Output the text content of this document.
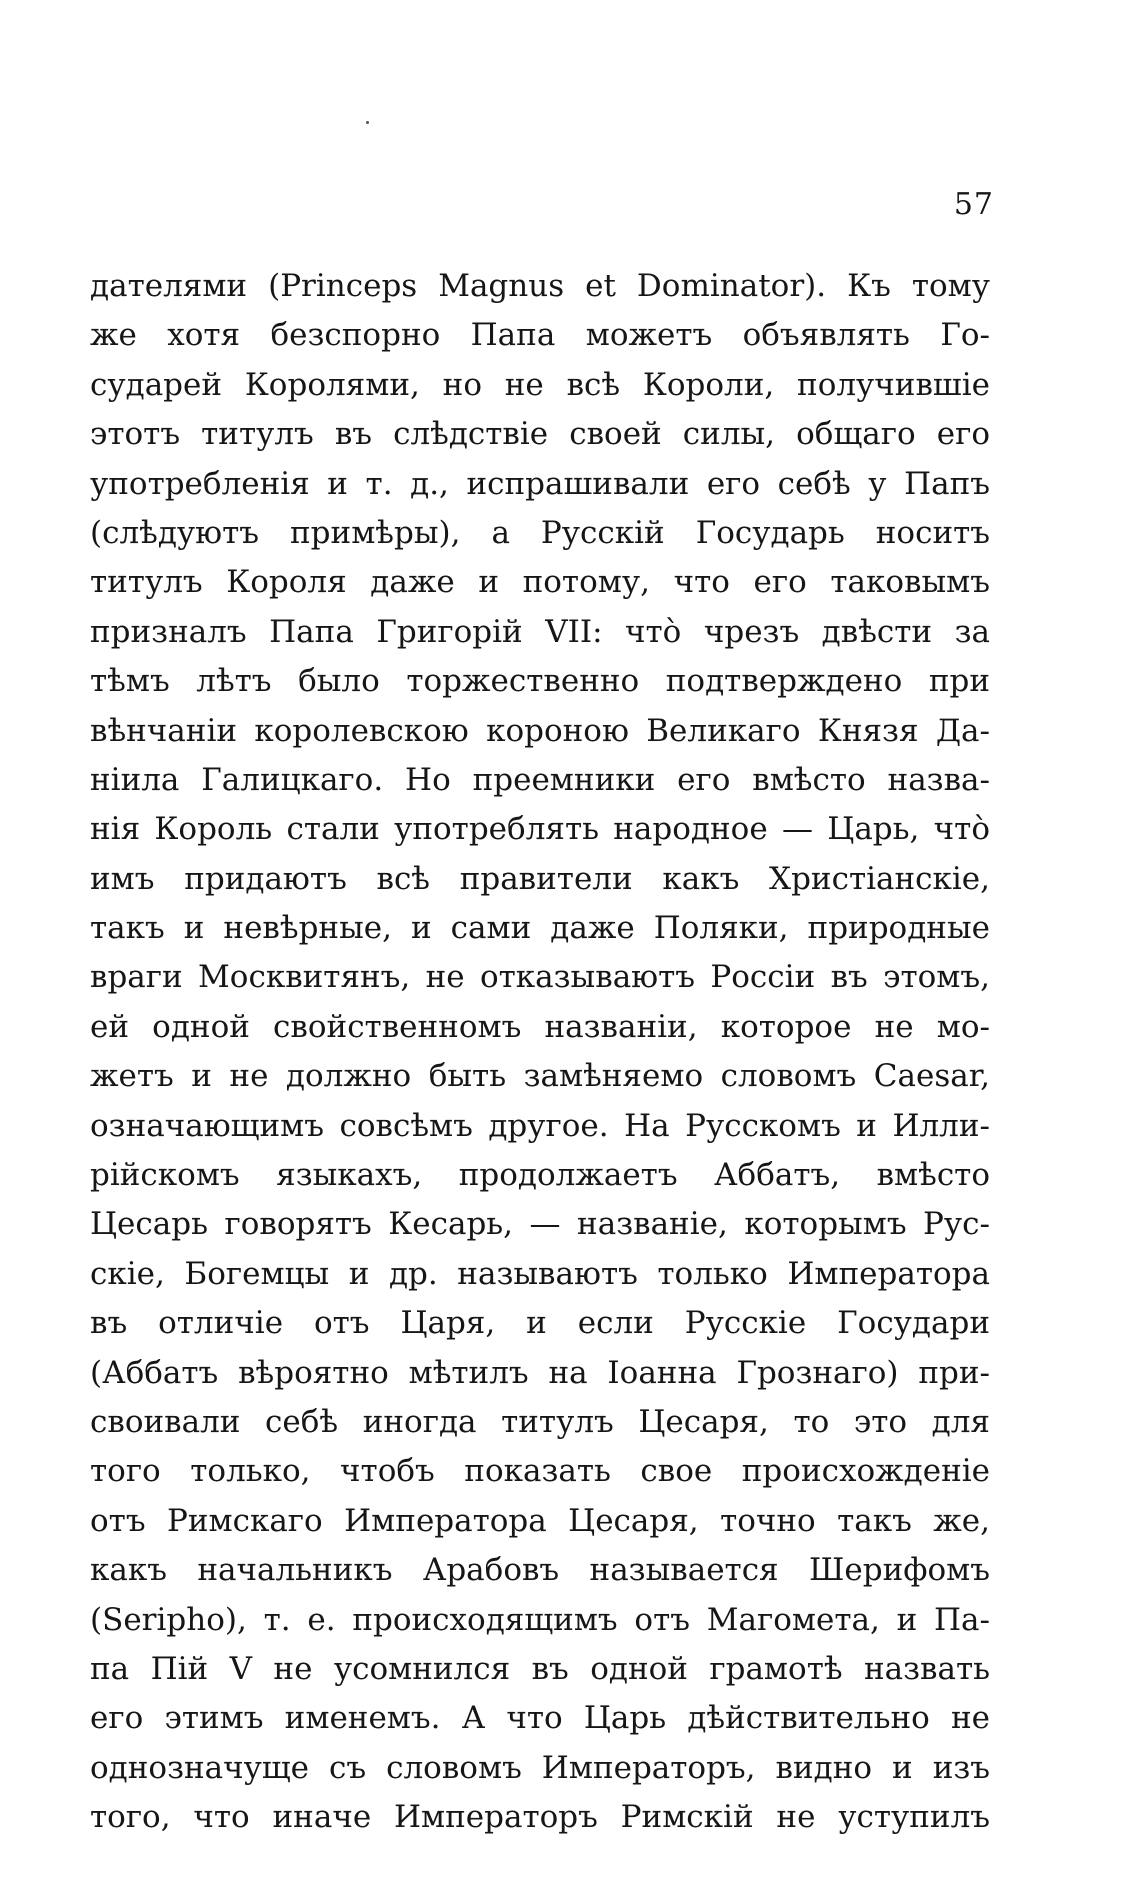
57
дателями (Princeps Magnus et Dominator). Къ тому
же хотя безспорно Папа можетъ объявлять Го-
сударей Королями, но не всѣ Короли, получившіе
этотъ титулъ въ слѣдствіе своей силы, общаго его
употребленія и т. д., испрашивали его себѣ у Папъ
(слѣдуютъ примѣры), а Русскій Государь носитъ
титулъ Короля даже и потому, что его таковымъ
призналъ Папа Григорій VII: что̀ чрезъ двѣсти за
тѣмъ лѣтъ было торжественно подтверждено при
вѣнчаніи королевскою короною Великаго Князя Да-
ніила Галицкаго. Но преемники его вмѣсто назва-
нія Король стали употреблять народное — Царь, что̀
имъ придаютъ всѣ правители какъ Христіанскіе,
такъ и невѣрные, и сами даже Поляки, природные
враги Москвитянъ, не отказываютъ Россіи въ этомъ,
ей одной свойственномъ названіи, которое не мо-
жетъ и не должно быть замѣняемо словомъ Caesar,
означающимъ совсѣмъ другое. На Русскомъ и Илли-
рійскомъ языкахъ, продолжаетъ Аббатъ, вмѣсто
Цесарь говорятъ Кесарь, — названіе, которымъ Рус-
скіе, Богемцы и др. называютъ только Императора
въ отличіе отъ Царя, и если Русскіе Государи
(Аббатъ вѣроятно мѣтилъ на Іоанна Грознаго) при-
своивали себѣ иногда титулъ Цесаря, то это для
того только, чтобъ показать свое происхожденіе
отъ Римскаго Императора Цесаря, точно такъ же,
какъ начальникъ Арабовъ называется Шерифомъ
(Seripho), т. е. происходящимъ отъ Магомета, и Па-
па Пій V не усомнился въ одной грамотѣ назвать
его этимъ именемъ. А что Царь дѣйствительно не
однозначуще съ словомъ Императоръ, видно и изъ
того, что иначе Императоръ Римскій не уступилъ
